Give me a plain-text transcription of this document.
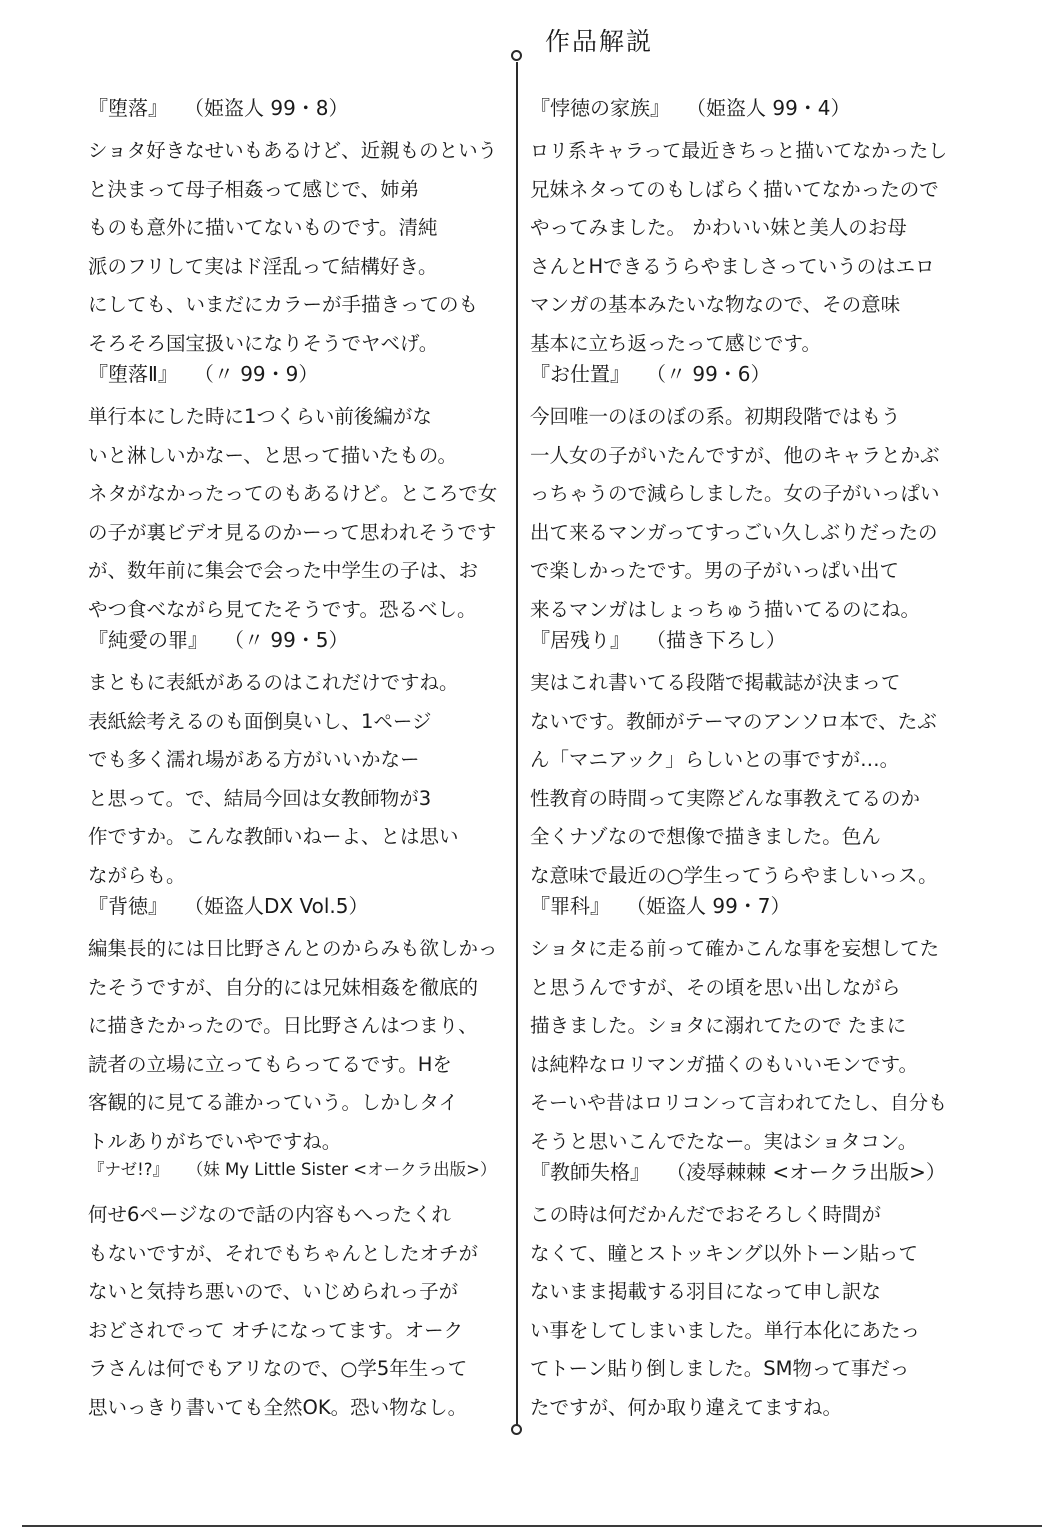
作品解説
『堕落』 （姫盗人 99・8）
ショタ好きなせいもあるけど、近親ものという
と決まって母子相姦って感じで、姉弟
ものも意外に描いてないものです。清純
派のフリして実はド淫乱って結構好き。
にしても、いまだにカラーが手描きってのも
そろそろ国宝扱いになりそうでヤベげ。
『堕落Ⅱ』 （〃 99・9）
単行本にした時に1つくらい前後編がな
いと淋しいかなー、と思って描いたもの。
ネタがなかったってのもあるけど。ところで女
の子が裏ビデオ見るのかーって思われそうです
が、数年前に集会で会った中学生の子は、お
やつ食べながら見てたそうです。恐るべし。
『純愛の罪』 （〃 99・5）
まともに表紙があるのはこれだけですね。
表紙絵考えるのも面倒臭いし、1ページ
でも多く濡れ場がある方がいいかなー
と思って。で、結局今回は女教師物が3
作ですか。こんな教師いねーよ、とは思い
ながらも。
『背徳』 （姫盗人DX Vol.5）
編集長的には日比野さんとのからみも欲しかっ
たそうですが、自分的には兄妹相姦を徹底的
に描きたかったので。日比野さんはつまり、
読者の立場に立ってもらってるです。Hを
客観的に見てる誰かっていう。しかしタイ
トルありがちでいやですね。
『ナゼ!?』 （妹 My Little Sister <オークラ出版>）
何せ6ページなので話の内容もへったくれ
もないですが、それでもちゃんとしたオチが
ないと気持ち悪いので、いじめられっ子が
おどされでって オチになってます。オーク
ラさんは何でもアリなので、○学5年生って
思いっきり書いても全然OK。恐い物なし。
『悖徳の家族』 （姫盗人 99・4）
ロリ系キャラって最近きちっと描いてなかったし
兄妹ネタってのもしばらく描いてなかったので
やってみました。 かわいい妹と美人のお母
さんとHできるうらやましさっていうのはエロ
マンガの基本みたいな物なので、その意味
基本に立ち返ったって感じです。
『お仕置』 （〃 99・6）
今回唯一のほのぼの系。初期段階ではもう
一人女の子がいたんですが、他のキャラとかぶ
っちゃうので減らしました。女の子がいっぱい
出て来るマンガってすっごい久しぶりだったの
で楽しかったです。男の子がいっぱい出て
来るマンガはしょっちゅう描いてるのにね。
『居残り』 （描き下ろし）
実はこれ書いてる段階で掲載誌が決まって
ないです。教師がテーマのアンソロ本で、たぶ
ん「マニアック」らしいとの事ですが…。
性教育の時間って実際どんな事教えてるのか
全くナゾなので想像で描きました。色ん
な意味で最近の○学生ってうらやましいっス。
『罪科』 （姫盗人 99・7）
ショタに走る前って確かこんな事を妄想してた
と思うんですが、その頃を思い出しながら
描きました。ショタに溺れてたので たまに
は純粋なロリマンガ描くのもいいモンです。
そーいや昔はロリコンって言われてたし、自分も
そうと思いこんでたなー。実はショタコン。
『教師失格』 （凌辱棘棘 <オークラ出版>）
この時は何だかんだでおそろしく時間が
なくて、瞳とストッキング以外トーン貼って
ないまま掲載する羽目になって申し訳な
い事をしてしまいました。単行本化にあたっ
てトーン貼り倒しました。SM物って事だっ
たですが、何か取り違えてますね。
